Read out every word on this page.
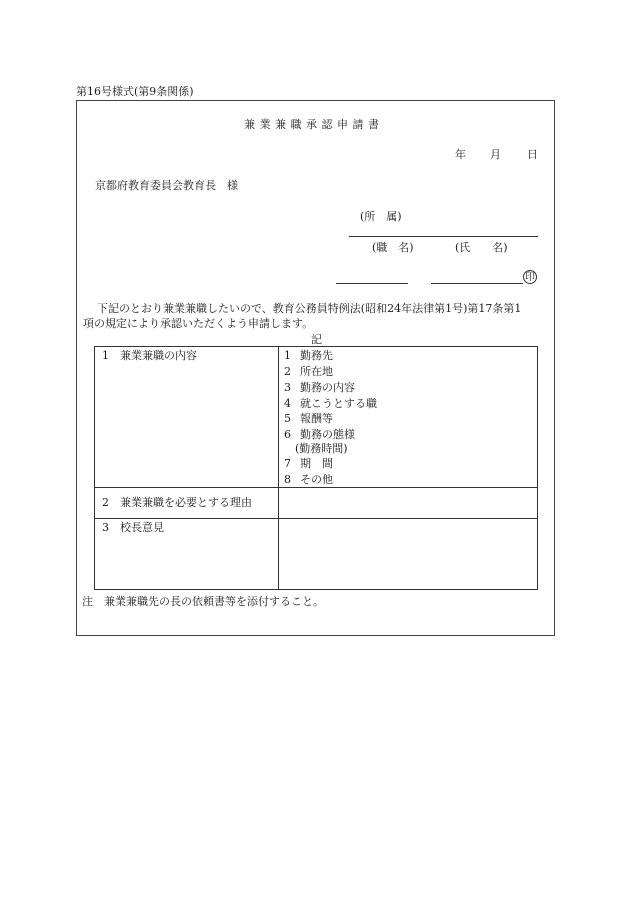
第16号様式(第9条関係)
兼業兼職承認申請書
年 月 日
京都府教育委員会教育長　様
(所　属)
(職　名)	(氏　　名)
印
下記のとおり兼業兼職したいので、教育公務員特例法(昭和24年法律第1号)第17条第1
項の規定により承認いただくよう申請します。
記
1　兼業兼職の内容	1 勤務先
2 所在地
3 勤務の内容
4 就こうとする職
5 報酬等
6 勤務の態様
(勤務時間)
7 期　間
8 その他
2　兼業兼職を必要とする理由
3　校長意見
注　兼業兼職先の長の依頼書等を添付すること。
